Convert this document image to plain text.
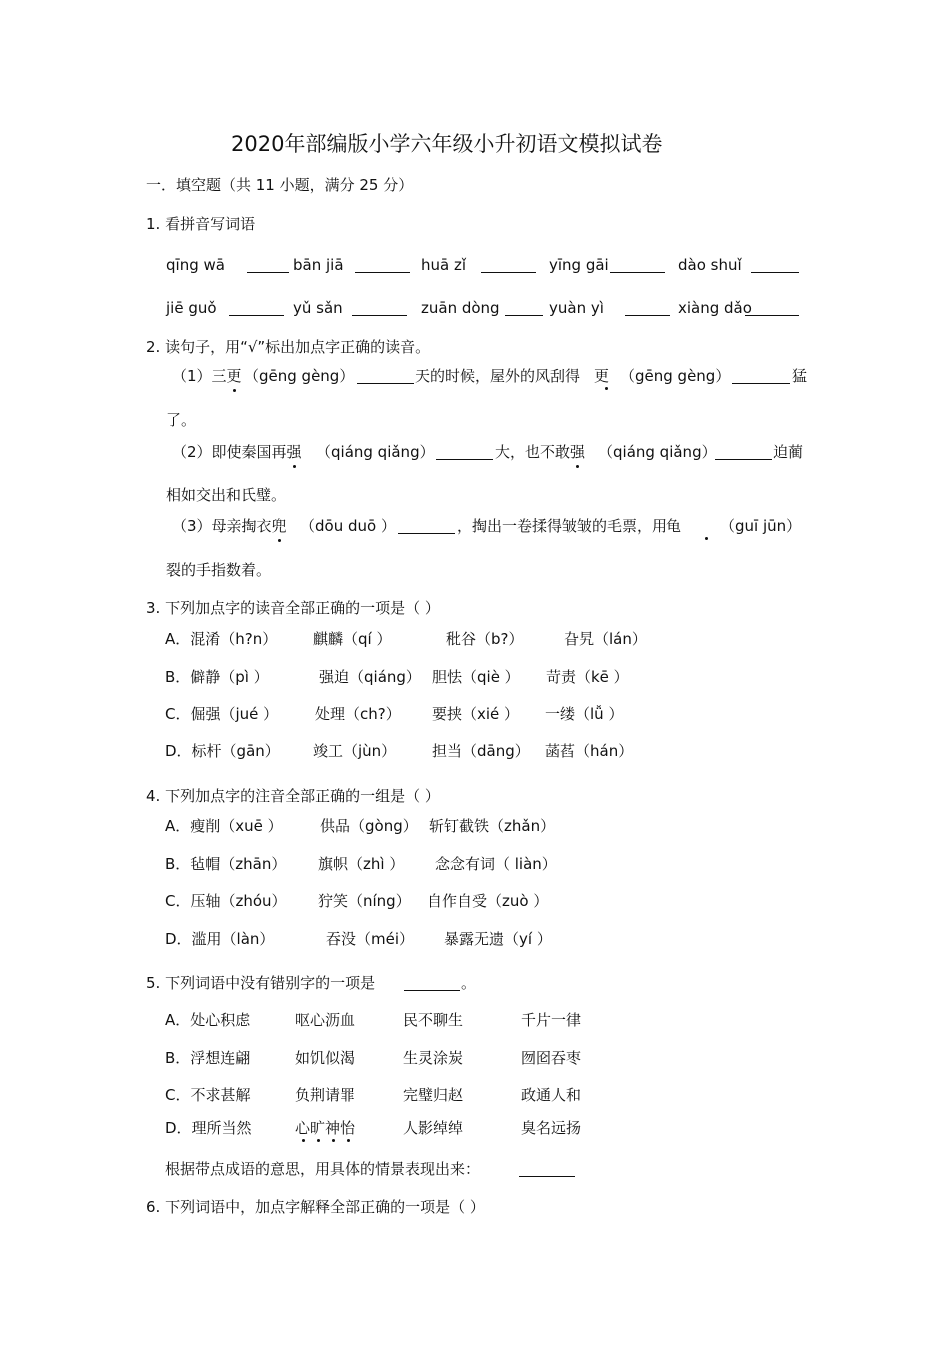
2020年部编版小学六年级小升初语文模拟试卷
一．填空题（共 11 小题，满分 25 分）
1. 看拼音写词语
qīng wā	bān jiā	huā zǐ	yīng gāi	dào shuǐ
jiē guǒ	yǔ sǎn	zuān dòng	yuàn yì	xiàng dǎo
2. 读句子，用“√”标出加点字正确的读音。
（1）三更 （gēng gèng）	天的时候，屋外的风刮得 更 （gēng gèng）	猛
了。
（2）即使秦国再强 （qiáng qiǎng）	大，也不敢强 （qiáng qiǎng）	迫蔺
相如交出和氏璧。
（3）母亲掏衣兜 （dōu duō ）	，掏出一卷揉得皱皱的毛票，用
龟	（guī jūn）
裂的手指数着。
3. 下列加点字的读音全部正确的一项是（ ）
A．混淆（h?n） 麒麟（qí ）	秕谷（b?）	旮旯（lán）
B．僻静（pì ）	强迫（qiáng） 胆怯（qiè ） 苛责（kē ）
C．倔强（jué ） 处理（ch?） 要挟（xié ） 一缕（lǚ ）
D．标杆（gān） 竣工（jùn） 担当（dāng） 菡萏（hán）
4. 下列加点字的注音全部正确的一组是（ ）
A．瘦削（xuē ） 供品（gòng） 斩钉截铁（zhǎn）
B．毡帽（zhān） 旗帜（zhì ） 念念有词（ liàn）
C．压轴（zhóu） 狞笑（níng） 自作自受（zuò ）
D．滥用（làn）	吞没（méi） 暴露无遗（yí ）
5. 下列词语中没有错别字的一项是	。
A．处心积虑	呕心沥血	民不聊生	千片一律
B．浮想连翩	如饥似渴	生灵涂炭	囫囵吞枣
C．不求甚解	负荆请罪	完璧归赵	政通人和
D．理所当然	心旷神怡	人影绰绰	臭名远扬
根据带点成语的意思，用具体的情景表现出来：
6. 下列词语中，加点字解释全部正确的一项是（ ）
